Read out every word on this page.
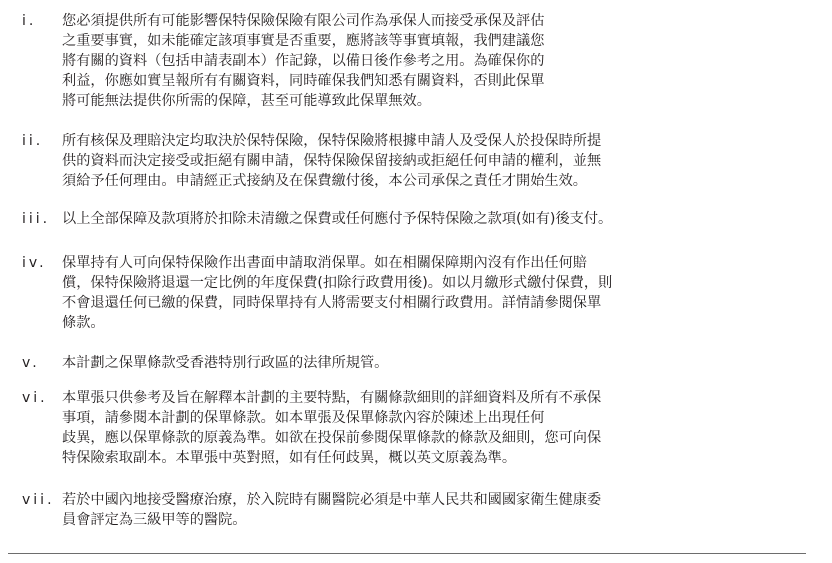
i.	您必須提供所有可能影響保特保險保險有限公司作為承保人而接受承保及評估
之重要事實，如未能確定該項事實是否重要，應將該等事實填報，我們建議您
將有關的資料（包括申請表副本）作記錄，以備日後作參考之用。為確保你的
利益，你應如實呈報所有有關資料，同時確保我們知悉有關資料，否則此保單
將可能無法提供你所需的保障，甚至可能導致此保單無效。
ii.	所有核保及理賠決定均取決於保特保險，保特保險將根據申請人及受保人於投保時所提
供的資料而決定接受或拒絕有關申請，保特保險保留接納或拒絕任何申請的權利，並無
須給予任何理由。申請經正式接納及在保費繳付後，本公司承保之責任才開始生效。
iii. 以上全部保障及款項將於扣除未清繳之保費或任何應付予保特保險之款項(如有)後支付。
iv.	保單持有人可向保特保險作出書面申請取消保單。如在相關保障期內沒有作出任何賠
償，保特保險將退還一定比例的年度保費(扣除行政費用後)。如以月繳形式繳付保費，則
不會退還任何已繳的保費，同時保單持有人將需要支付相關行政費用。詳情請參閱保單
條款。
v.	本計劃之保單條款受香港特別行政區的法律所規管。
vi.	本單張只供參考及旨在解釋本計劃的主要特點，有關條款細則的詳細資料及所有不承保
事項，請參閱本計劃的保單條款。如本單張及保單條款內容於陳述上出現任何
歧異，應以保單條款的原義為準。如欲在投保前參閱保單條款的條款及細則，您可向保
特保險索取副本。本單張中英對照，如有任何歧異，概以英文原義為準。
vii. 若於中國內地接受醫療治療，於入院時有關醫院必須是中華人民共和國國家衛生健康委
員會評定為三級甲等的醫院。
